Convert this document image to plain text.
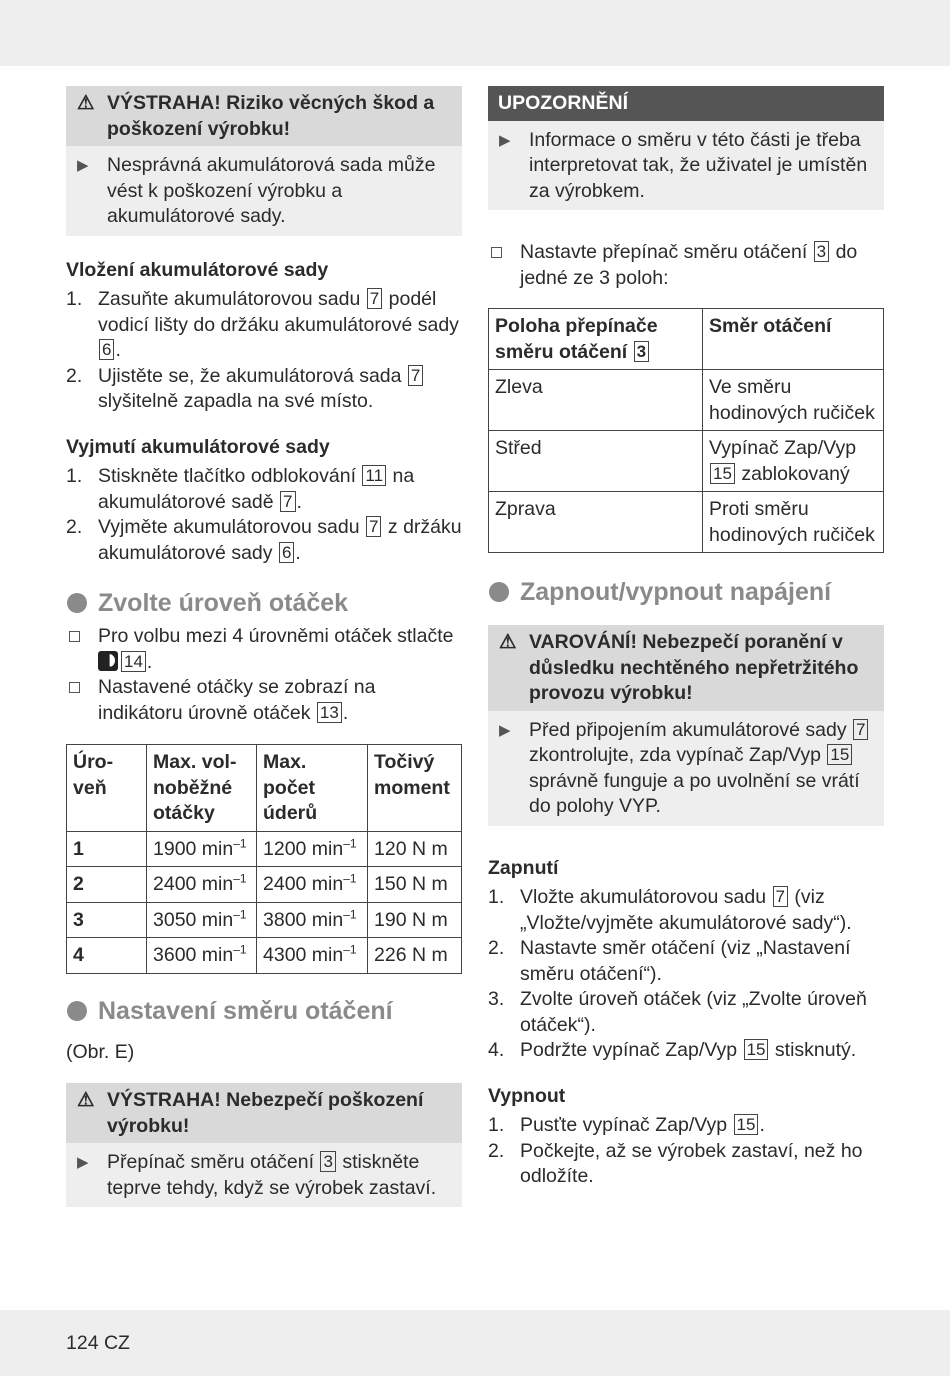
⚠ VÝSTRAHA! Riziko věcných škod a poškození výrobku!
▶ Nesprávná akumulátorová sada může vést k poškození výrobku a akumulátorové sady.
Vložení akumulátorové sady
1. Zasuňte akumulátorovou sadu 7 podél vodicí lišty do držáku akumulátorové sady 6 .
2. Ujistěte se, že akumulátorová sada 7 slyšitelně zapadla na své místo.
Vyjmutí akumulátorové sady
1. Stiskněte tlačítko odblokování 11 na akumulátorové sadě 7 .
2. Vyjměte akumulátorovou sadu 7 z držáku akumulátorové sady 6 .
Zvolte úroveň otáček
Pro volbu mezi 4 úrovněmi otáček stlačte 14 .
Nastavené otáčky se zobrazí na indikátoru úrovně otáček 13 .
Úro-veň	Max. vol-noběžné otáčky	Max. počet úderů	Točivý moment
1	1900 $\min^{-1}$	1200 $\min^{-1}$	120 N m
2	2400 $\min^{-1}$	2400 $\min^{-1}$	150 N m
3	3050 $\min^{-1}$	3800 $\min^{-1}$	190 N m
4	3600 $\min^{-1}$	4300 $\min^{-1}$	226 N m
Nastavení směru otáčení
(Obr. E)
⚠ VÝSTRAHA! Nebezpečí poškození výrobku!
▶ Přepínač směru otáčení 3 stiskněte teprve tehdy, když se výrobek zastaví.
UPOZORNĚNÍ
▶ Informace o směru v této části je třeba interpretovat tak, že uživatel je umístěn za výrobkem.
Nastavte přepínač směru otáčení 3 do jedné ze 3 poloh:
Poloha přepínače směru otáčení 3	Směr otáčení
Zleva	Ve směru hodinových ručiček
Střed	Vypínač Zap/Vyp 15 zablokovaný
Zprava	Proti směru hodinových ručiček
Zapnout/vypnout napájení
⚠ VAROVÁNÍ! Nebezpečí poranění v důsledku nechtěného nepřetržitého provozu výrobku!
▶ Před připojením akumulátorové sady 7 zkontrolujte, zda vypínač Zap/Vyp 15 správně funguje a po uvolnění se vrátí do polohy VYP.
Zapnutí
1. Vložte akumulátorovou sadu 7 (viz „Vložte/vyjměte akumulátorové sady“).
2. Nastavte směr otáčení (viz „Nastavení směru otáčení“).
3. Zvolte úroveň otáček (viz „Zvolte úroveň otáček“).
4. Podržte vypínač Zap/Vyp 15 stisknutý.
Vypnout
1. Pusťte vypínač Zap/Vyp 15 .
2. Počkejte, až se výrobek zastaví, než ho odložíte.
124 CZ
